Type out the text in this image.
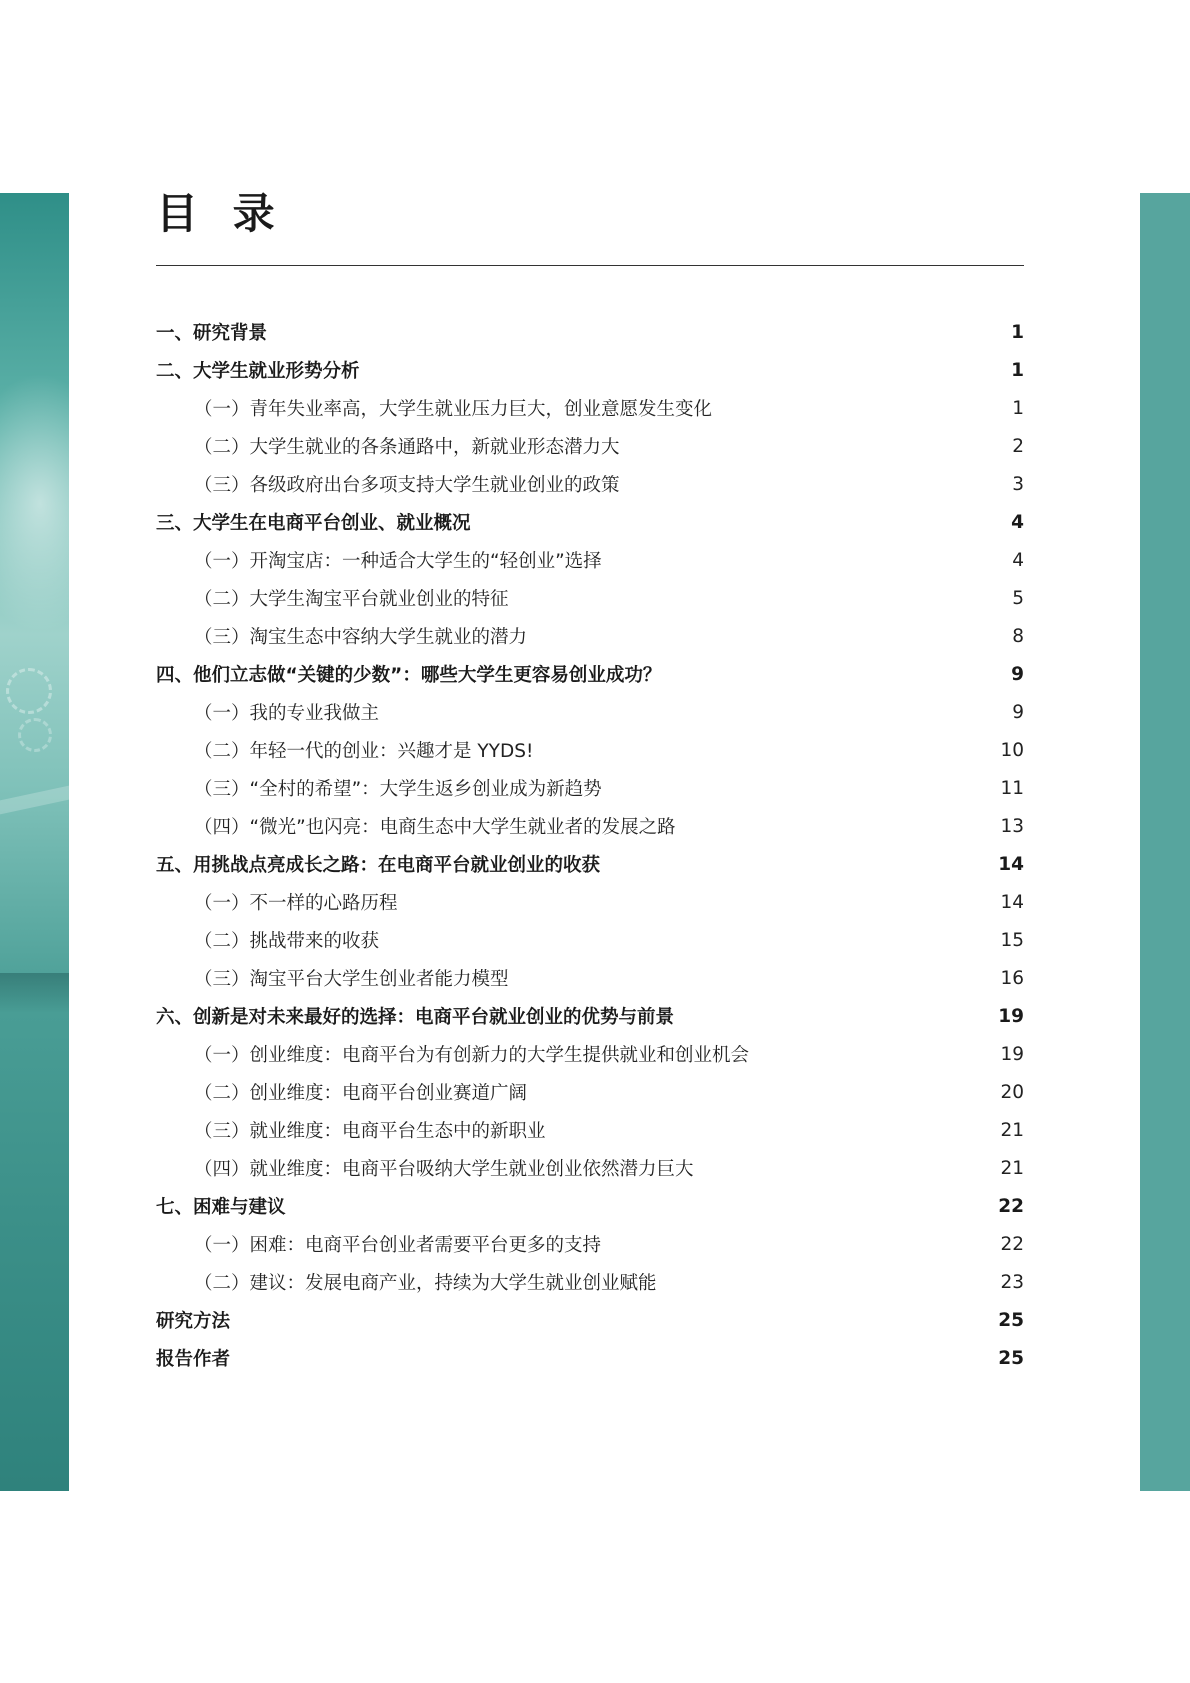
目 录
一、研究背景	1
二、大学生就业形势分析	1
（一）青年失业率高，大学生就业压力巨大，创业意愿发生变化	1
（二）大学生就业的各条通路中，新就业形态潜力大	2
（三）各级政府出台多项支持大学生就业创业的政策	3
三、大学生在电商平台创业、就业概况	4
（一）开淘宝店：一种适合大学生的“轻创业”选择	4
（二）大学生淘宝平台就业创业的特征	5
（三）淘宝生态中容纳大学生就业的潜力	8
四、他们立志做“关键的少数”：哪些大学生更容易创业成功？	9
（一）我的专业我做主	9
（二）年轻一代的创业：兴趣才是 YYDS!	10
（三）“全村的希望”：大学生返乡创业成为新趋势	11
（四）“微光”也闪亮：电商生态中大学生就业者的发展之路	13
五、用挑战点亮成长之路：在电商平台就业创业的收获	14
（一）不一样的心路历程	14
（二）挑战带来的收获	15
（三）淘宝平台大学生创业者能力模型	16
六、创新是对未来最好的选择：电商平台就业创业的优势与前景	19
（一）创业维度：电商平台为有创新力的大学生提供就业和创业机会	19
（二）创业维度：电商平台创业赛道广阔	20
（三）就业维度：电商平台生态中的新职业	21
（四）就业维度：电商平台吸纳大学生就业创业依然潜力巨大	21
七、困难与建议	22
（一）困难：电商平台创业者需要平台更多的支持	22
（二）建议：发展电商产业，持续为大学生就业创业赋能	23
研究方法	25
报告作者	25
